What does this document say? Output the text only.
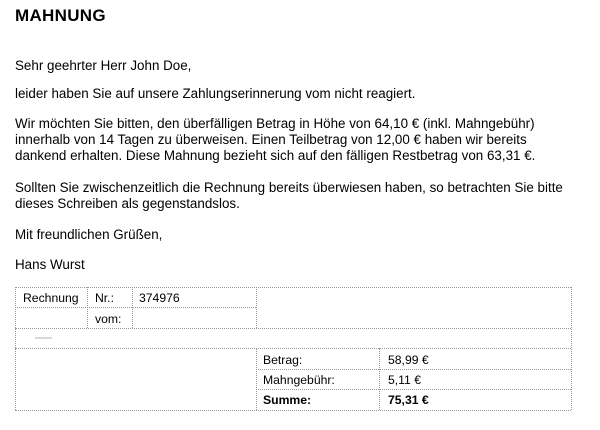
MAHNUNG
Sehr geehrter Herr John Doe,
leider haben Sie auf unsere Zahlungserinnerung vom nicht reagiert.
Wir möchten Sie bitten, den überfälligen Betrag in Höhe von 64,10 € (inkl. Mahngebühr) innerhalb von 14 Tagen zu überweisen. Einen Teilbetrag von 12,00 € haben wir bereits dankend erhalten. Diese Mahnung bezieht sich auf den fälligen Restbetrag von 63,31 €.
Sollten Sie zwischenzeitlich die Rechnung bereits überwiesen haben, so betrachten Sie bitte dieses Schreiben als gegenstandslos.
Mit freundlichen Grüßen,
Hans Wurst
Rechnung Nr.: 374976
vom:
Betrag:	58,99 €
Mahngebühr:	5,11 €
Summe:	75,31 €
